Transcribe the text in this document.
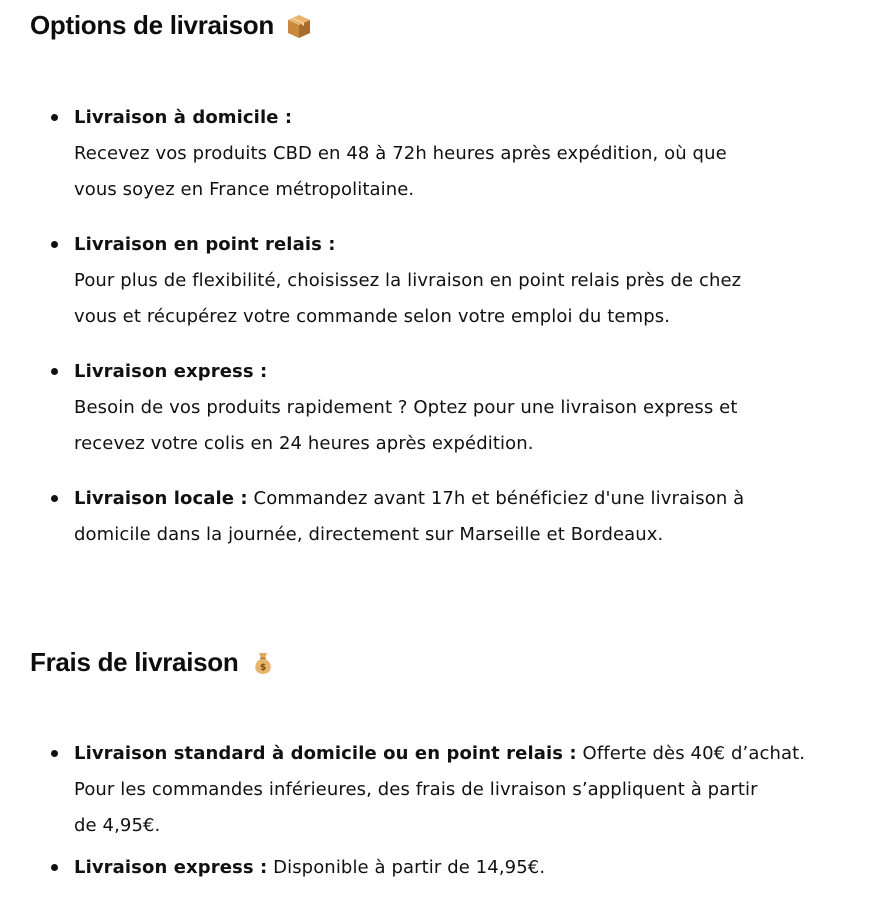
Options de livraison
Livraison à domicile :
Recevez vos produits CBD en 48 à 72h heures après expédition, où que
vous soyez en France métropolitaine.
Livraison en point relais :
Pour plus de flexibilité, choisissez la livraison en point relais près de chez
vous et récupérez votre commande selon votre emploi du temps.
Livraison express :
Besoin de vos produits rapidement ? Optez pour une livraison express et
recevez votre colis en 24 heures après expédition.
Livraison locale : Commandez avant 17h et bénéficiez d'une livraison à
domicile dans la journée, directement sur Marseille et Bordeaux.
Frais de livraison $
Livraison standard à domicile ou en point relais : Offerte dès 40€ d’achat.
Pour les commandes inférieures, des frais de livraison s’appliquent à partir
de 4,95€.
Livraison express : Disponible à partir de 14,95€.
